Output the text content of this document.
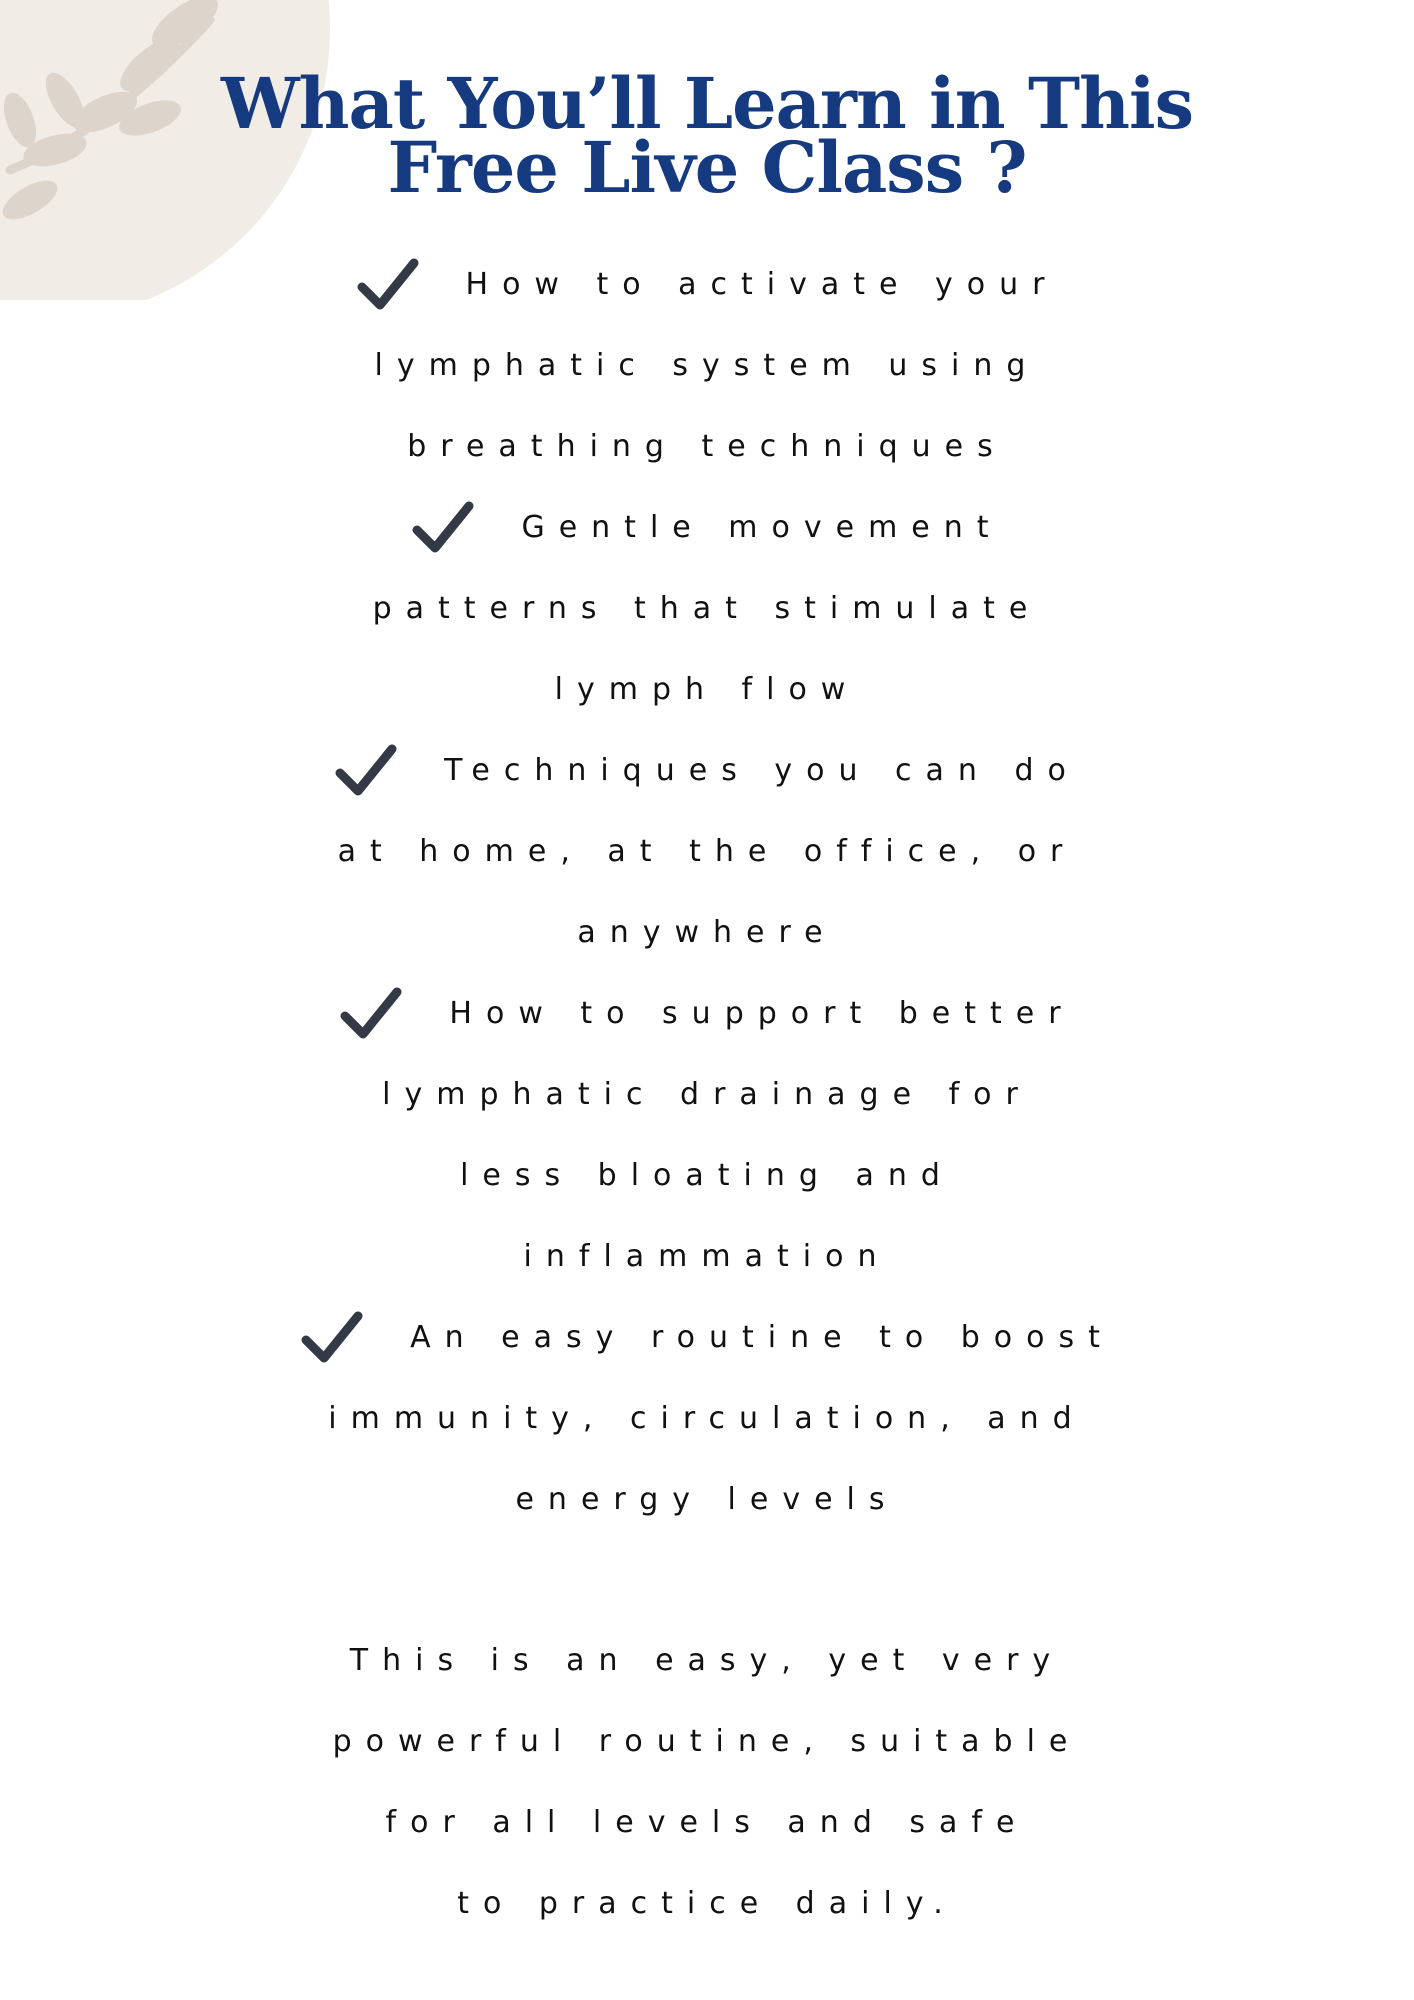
What You’ll Learn in This
Free Live Class ?
How to activate your
lymphatic system using
breathing techniques
Gentle movement
patterns that stimulate
lymph flow
Techniques you can do
at home, at the office, or
anywhere
How to support better
lymphatic drainage for
less bloating and
inflammation
An easy routine to boost
immunity, circulation, and
energy levels
This is an easy, yet very
powerful routine, suitable
for all levels and safe
to practice daily.
